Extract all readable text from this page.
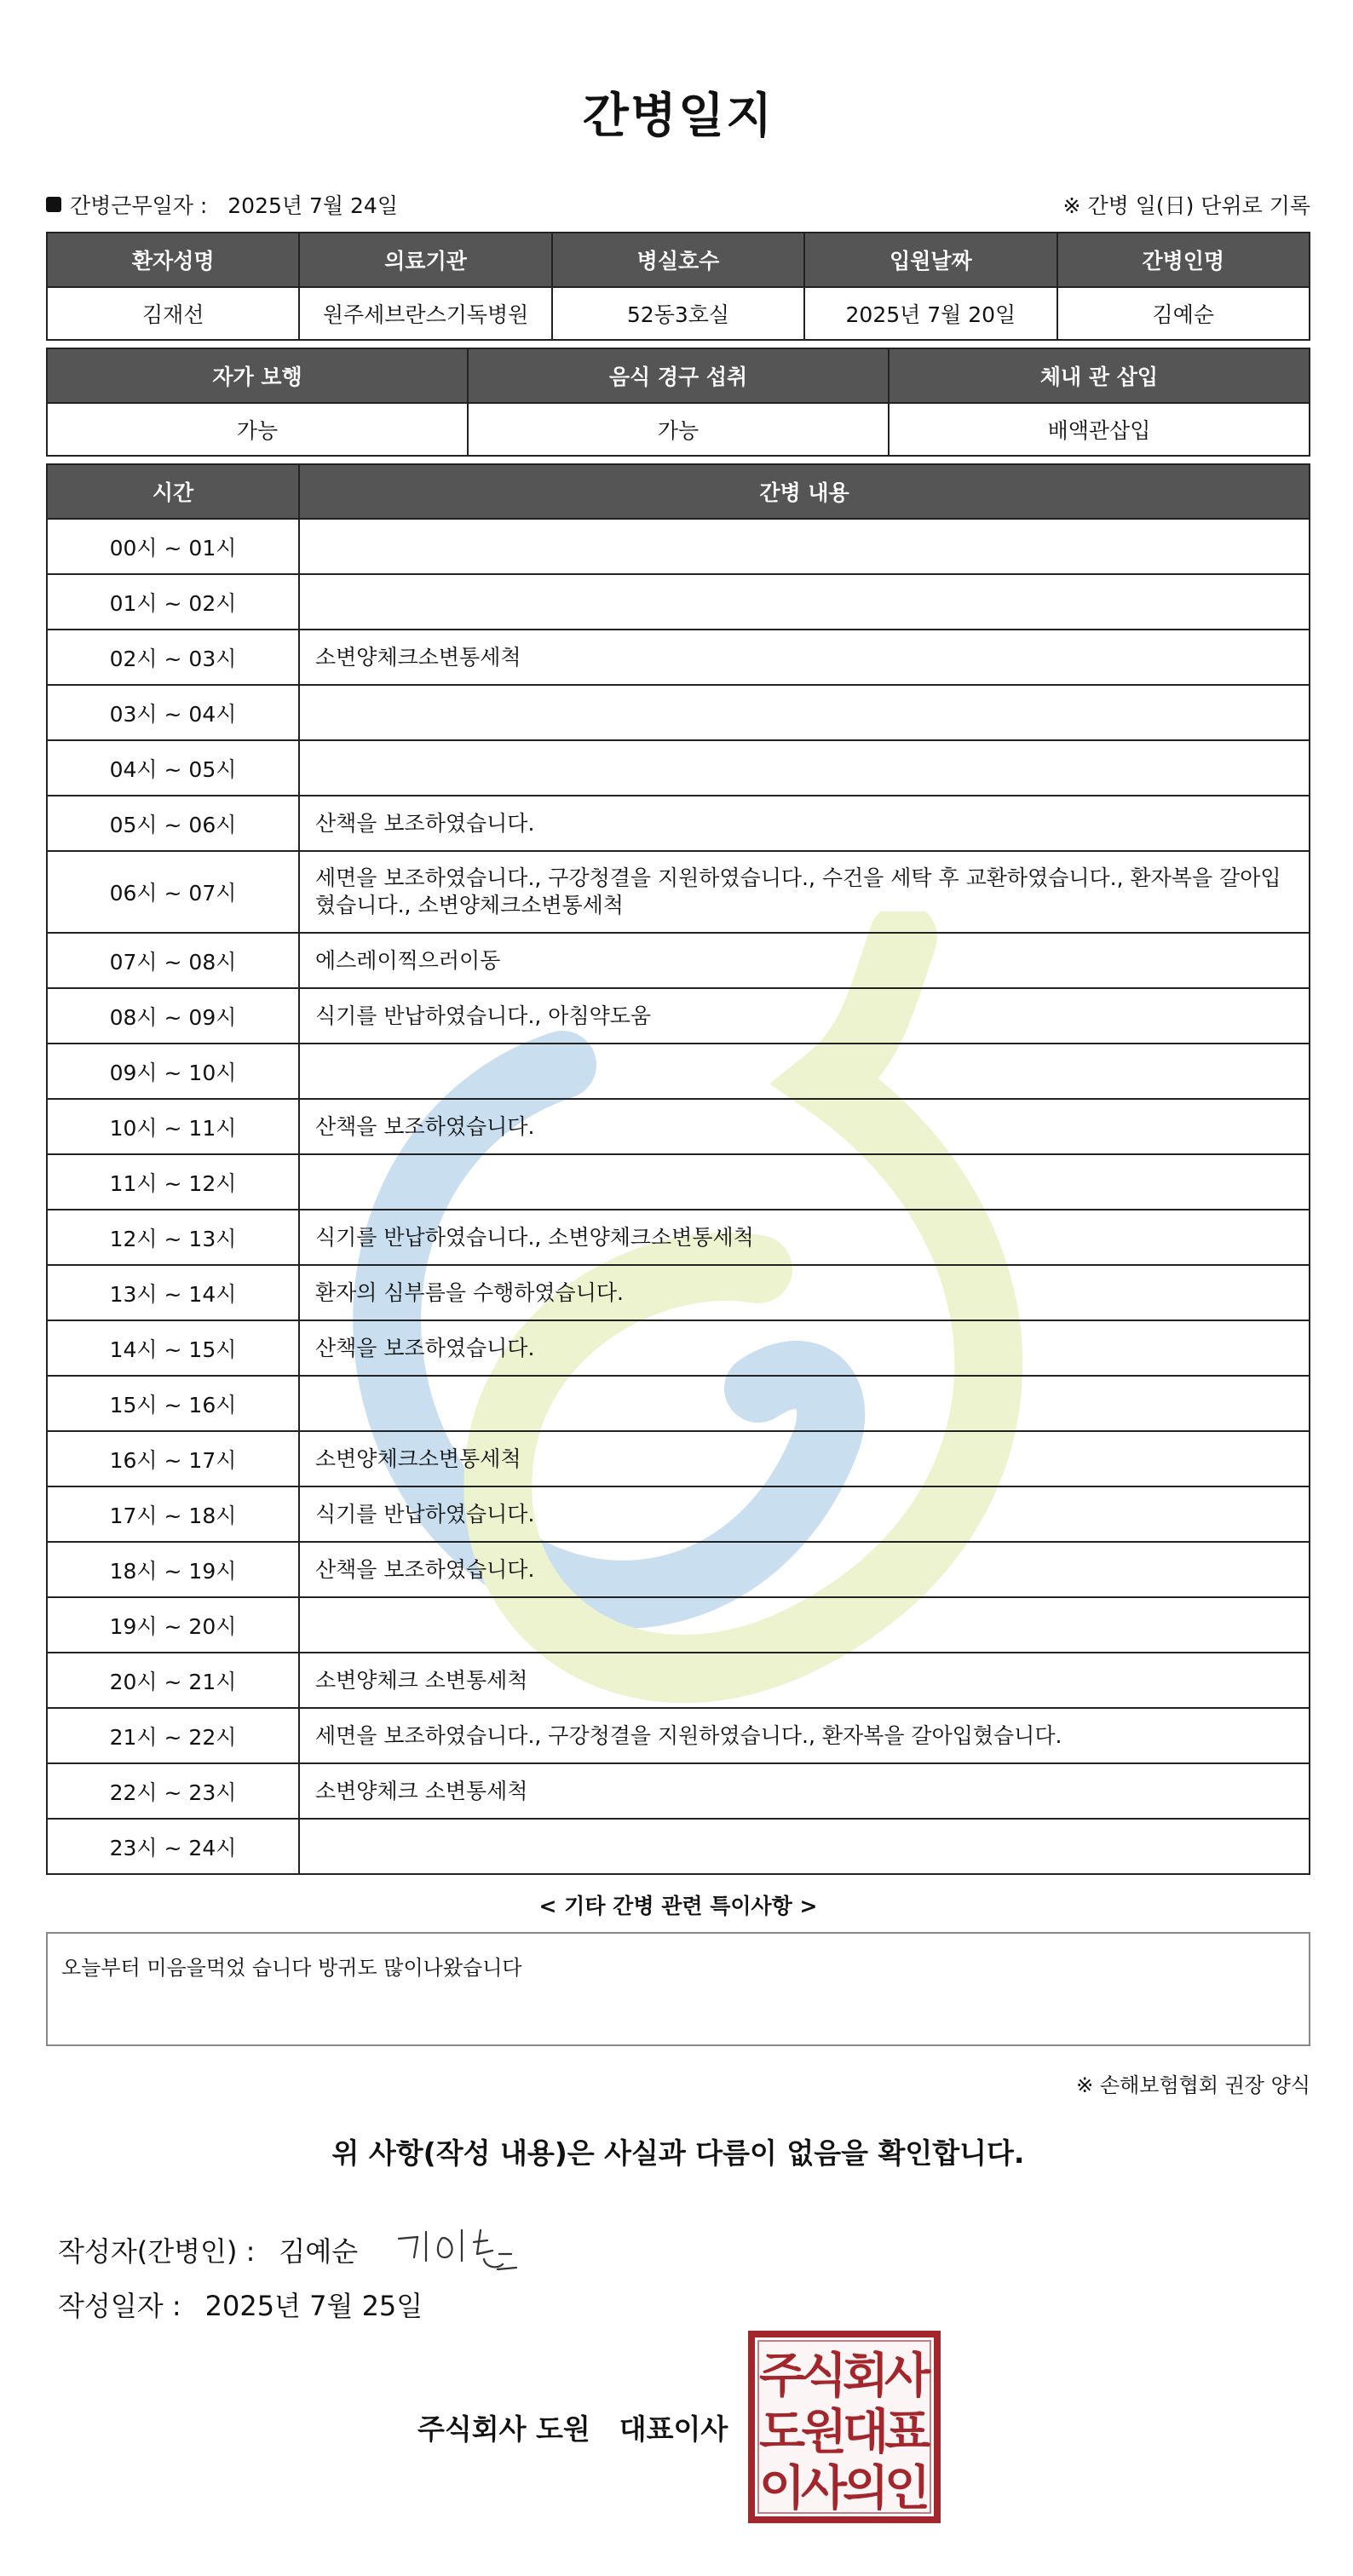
간병일지
간병근무일자 : 2025년 7월 24일	※ 간병 일(日) 단위로 기록
환자성명	의료기관	병실호수	입원날짜	간병인명
김재선	원주세브란스기독병원	52동3호실	2025년 7월 20일	김예순
자가 보행	음식 경구 섭취	체내 관 삽입
가능	가능	배액관삽입
시간	간병 내용
00시 ~ 01시	
01시 ~ 02시	
02시 ~ 03시	소변양체크소변통세척
03시 ~ 04시	
04시 ~ 05시	
05시 ~ 06시	산책을 보조하였습니다.
06시 ~ 07시	세면을 보조하였습니다., 구강청결을 지원하였습니다., 수건을 세탁 후 교환하였습니다., 환자복을 갈아입혔습니다., 소변양체크소변통세척
07시 ~ 08시	에스레이찍으러이동
08시 ~ 09시	식기를 반납하였습니다., 아침약도움
09시 ~ 10시	
10시 ~ 11시	산책을 보조하였습니다.
11시 ~ 12시	
12시 ~ 13시	식기를 반납하였습니다., 소변양체크소변통세척
13시 ~ 14시	환자의 심부름을 수행하였습니다.
14시 ~ 15시	산책을 보조하였습니다.
15시 ~ 16시	
16시 ~ 17시	소변양체크소변통세척
17시 ~ 18시	식기를 반납하였습니다.
18시 ~ 19시	산책을 보조하였습니다.
19시 ~ 20시	
20시 ~ 21시	소변양체크 소변통세척
21시 ~ 22시	세면을 보조하였습니다., 구강청결을 지원하였습니다., 환자복을 갈아입혔습니다.
22시 ~ 23시	소변양체크 소변통세척
23시 ~ 24시	
< 기타 간병 관련 특이사항 >
오늘부터 미음을먹었 습니다 방귀도 많이나왔습니다
※ 손해보험협회 권장 양식
위 사항(작성 내용)은 사실과 다름이 없음을 확인합니다.
작성자(간병인) : 김예순
작성일자 : 2025년 7월 25일
주식회사 도원 대표이사
주
식
회
사
도
원
대
표
이
사
의
인
